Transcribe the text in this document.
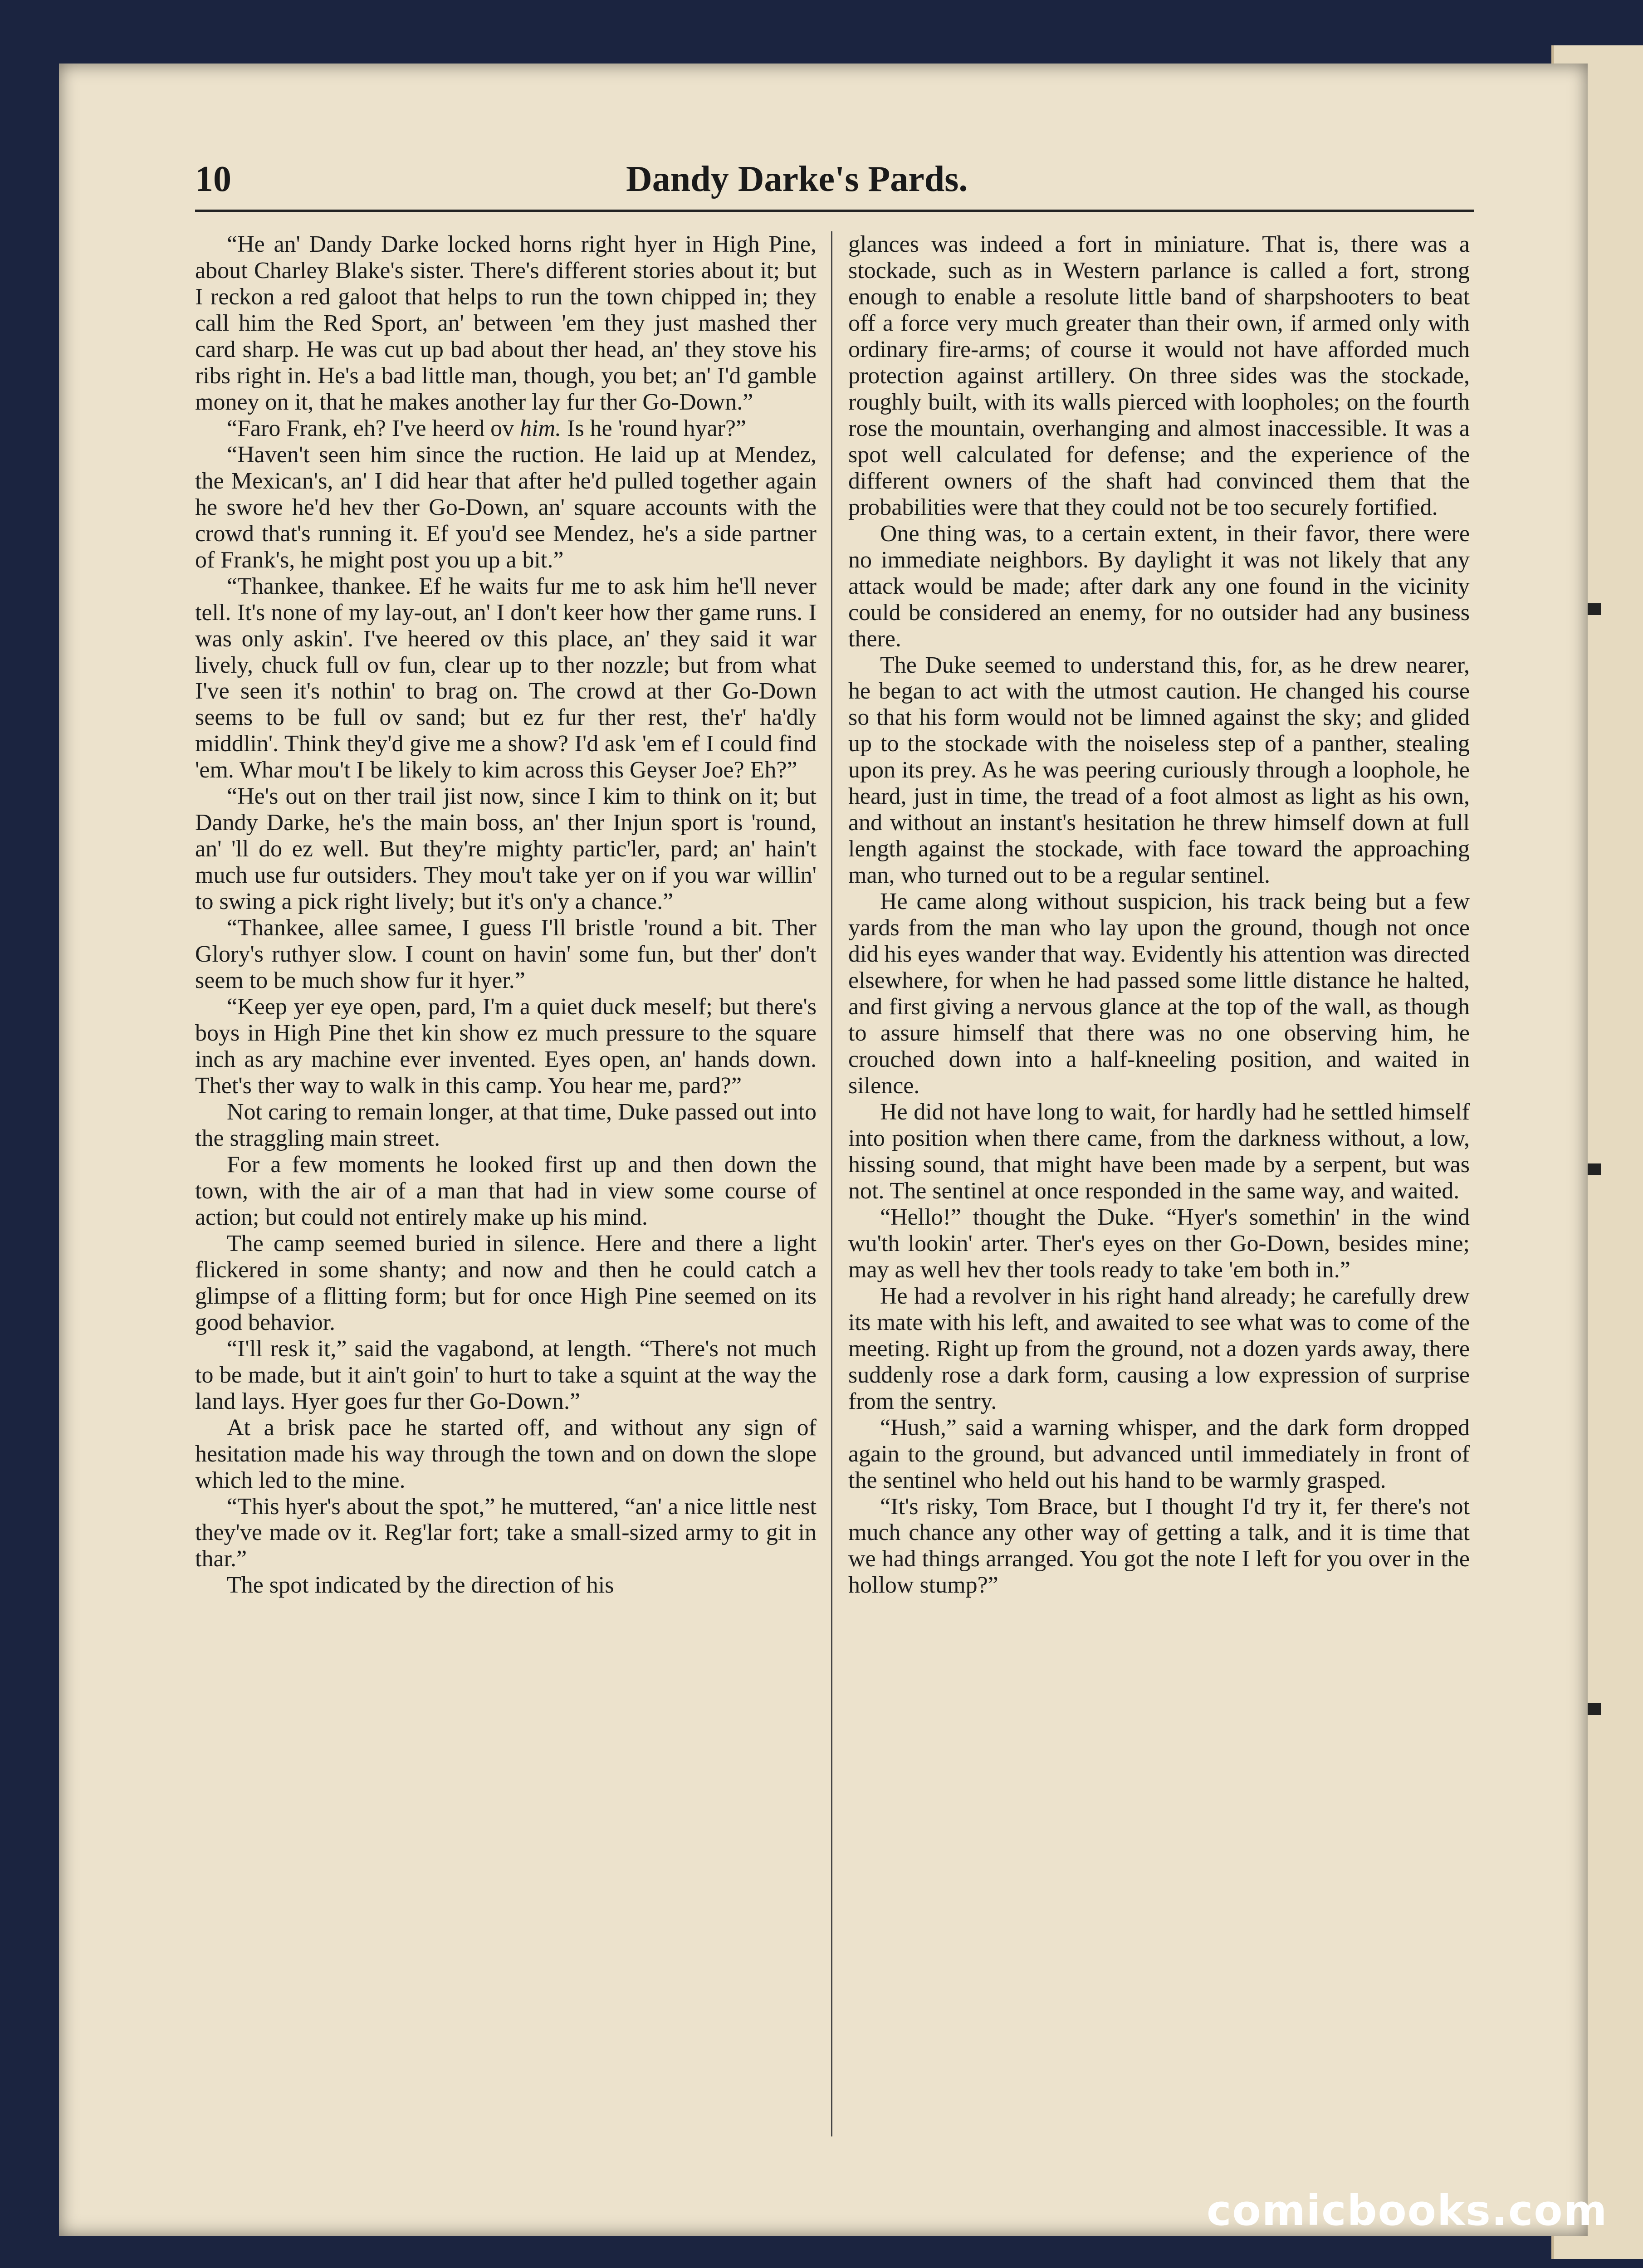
10	Dandy Darke's Pards.

“He an' Dandy Darke locked horns right hyer in High Pine, about Charley Blake's sister. There's different stories about it; but I reckon a red galoot that helps to run the town chipped in; they call him the Red Sport, an' between 'em they just mashed ther card sharp. He was cut up bad about ther head, an' they stove his ribs right in. He's a bad little man, though, you bet; an' I'd gamble money on it, that he makes another lay fur ther Go-Down.”

“Faro Frank, eh? I've heerd ov him. Is he 'round hyar?”

“Haven't seen him since the ruction. He laid up at Mendez, the Mexican's, an' I did hear that after he'd pulled together again he swore he'd hev ther Go-Down, an' square accounts with the crowd that's running it. Ef you'd see Mendez, he's a side partner of Frank's, he might post you up a bit.”

“Thankee, thankee. Ef he waits fur me to ask him he'll never tell. It's none of my lay-out, an' I don't keer how ther game runs. I was only askin'. I've heered ov this place, an' they said it war lively, chuck full ov fun, clear up to ther nozzle; but from what I've seen it's nothin' to brag on. The crowd at ther Go-Down seems to be full ov sand; but ez fur ther rest, the'r' ha'dly middlin'. Think they'd give me a show? I'd ask 'em ef I could find 'em. Whar mou't I be likely to kim across this Geyser Joe? Eh?”

“He's out on ther trail jist now, since I kim to think on it; but Dandy Darke, he's the main boss, an' ther Injun sport is 'round, an' 'll do ez well. But they're mighty partic'ler, pard; an' hain't much use fur outsiders. They mou't take yer on if you war willin' to swing a pick right lively; but it's on'y a chance.”

“Thankee, allee samee, I guess I'll bristle 'round a bit. Ther Glory's ruthyer slow. I count on havin' some fun, but ther' don't seem to be much show fur it hyer.”

“Keep yer eye open, pard, I'm a quiet duck meself; but there's boys in High Pine thet kin show ez much pressure to the square inch as ary machine ever invented. Eyes open, an' hands down. Thet's ther way to walk in this camp. You hear me, pard?”

Not caring to remain longer, at that time, Duke passed out into the straggling main street.

For a few moments he looked first up and then down the town, with the air of a man that had in view some course of action; but could not entirely make up his mind.

The camp seemed buried in silence. Here and there a light flickered in some shanty; and now and then he could catch a glimpse of a flitting form; but for once High Pine seemed on its good behavior.

“I'll resk it,” said the vagabond, at length. “There's not much to be made, but it ain't goin' to hurt to take a squint at the way the land lays. Hyer goes fur ther Go-Down.”

At a brisk pace he started off, and without any sign of hesitation made his way through the town and on down the slope which led to the mine.

“This hyer's about the spot,” he muttered, “an' a nice little nest they've made ov it. Reg'lar fort; take a small-sized army to git in thar.”

The spot indicated by the direction of his

glances was indeed a fort in miniature. That is, there was a stockade, such as in Western parlance is called a fort, strong enough to enable a resolute little band of sharpshooters to beat off a force very much greater than their own, if armed only with ordinary fire-arms; of course it would not have afforded much protection against artillery. On three sides was the stockade, roughly built, with its walls pierced with loopholes; on the fourth rose the mountain, overhanging and almost inaccessible. It was a spot well calculated for defense; and the experience of the different owners of the shaft had convinced them that the probabilities were that they could not be too securely fortified.

One thing was, to a certain extent, in their favor, there were no immediate neighbors. By daylight it was not likely that any attack would be made; after dark any one found in the vicinity could be considered an enemy, for no outsider had any business there.

The Duke seemed to understand this, for, as he drew nearer, he began to act with the utmost caution. He changed his course so that his form would not be limned against the sky; and glided up to the stockade with the noiseless step of a panther, stealing upon its prey. As he was peering curiously through a loophole, he heard, just in time, the tread of a foot almost as light as his own, and without an instant's hesitation he threw himself down at full length against the stockade, with face toward the approaching man, who turned out to be a regular sentinel.

He came along without suspicion, his track being but a few yards from the man who lay upon the ground, though not once did his eyes wander that way. Evidently his attention was directed elsewhere, for when he had passed some little distance he halted, and first giving a nervous glance at the top of the wall, as though to assure himself that there was no one observing him, he crouched down into a half-kneeling position, and waited in silence.

He did not have long to wait, for hardly had he settled himself into position when there came, from the darkness without, a low, hissing sound, that might have been made by a serpent, but was not. The sentinel at once responded in the same way, and waited.

“Hello!” thought the Duke. “Hyer's somethin' in the wind wu'th lookin' arter. Ther's eyes on ther Go-Down, besides mine; may as well hev ther tools ready to take 'em both in.”

He had a revolver in his right hand already; he carefully drew its mate with his left, and awaited to see what was to come of the meeting. Right up from the ground, not a dozen yards away, there suddenly rose a dark form, causing a low expression of surprise from the sentry.

“Hush,” said a warning whisper, and the dark form dropped again to the ground, but advanced until immediately in front of the sentinel who held out his hand to be warmly grasped.

“It's risky, Tom Brace, but I thought I'd try it, fer there's not much chance any other way of getting a talk, and it is time that we had things arranged. You got the note I left for you over in the hollow stump?”

comicbooks.com
